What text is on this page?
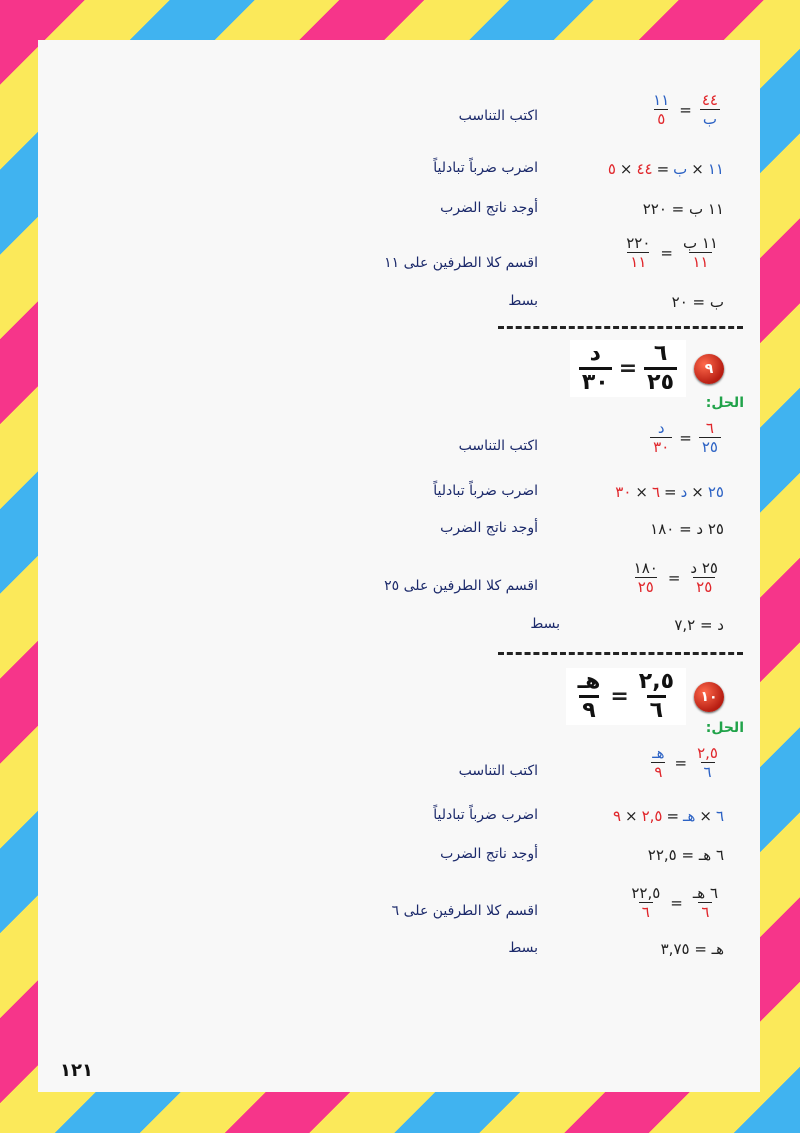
$\frac{٤٤}{\text{ب}}$
=
$\frac{١١}{٥}$
اكتب التناسب
١١
×
ب
=
٤٤
×
٥
اضرب ضرباً تبادلياً
١١ ب = ٢٢٠
أوجد ناتج الضرب
$\frac{\text{١١ ب}}{١١}$
=
$\frac{٢٢٠}{١١}$
اقسم كلا الطرفين على ١١
ب = ٢٠
بسط
٩
$\frac{٦}{٢٥}$
=
$\frac{\text{د}}{٣٠}$
الحل:
$\frac{٦}{٢٥}$
=
$\frac{\text{د}}{٣٠}$
اكتب التناسب
٢٥
×
د
=
٦
×
٣٠
اضرب ضرباً تبادلياً
٢٥ د = ١٨٠
أوجد ناتج الضرب
$\frac{\text{٢٥ د}}{٢٥}$
=
$\frac{١٨٠}{٢٥}$
اقسم كلا الطرفين على ٢٥
د = ٧,٢
بسط
١٠
$\frac{٢,٥}{٦}$
=
$\frac{\text{هـ}}{٩}$
الحل:
$\frac{٢,٥}{٦}$
=
$\frac{\text{هـ}}{٩}$
اكتب التناسب
٦
×
هـ
=
٢,٥
×
٩
اضرب ضرباً تبادلياً
٦ هـ = ٢٢,٥
أوجد ناتج الضرب
$\frac{\text{٦ هـ}}{٦}$
=
$\frac{٢٢,٥}{٦}$
اقسم كلا الطرفين على ٦
هـ = ٣,٧٥
بسط
١٢١
